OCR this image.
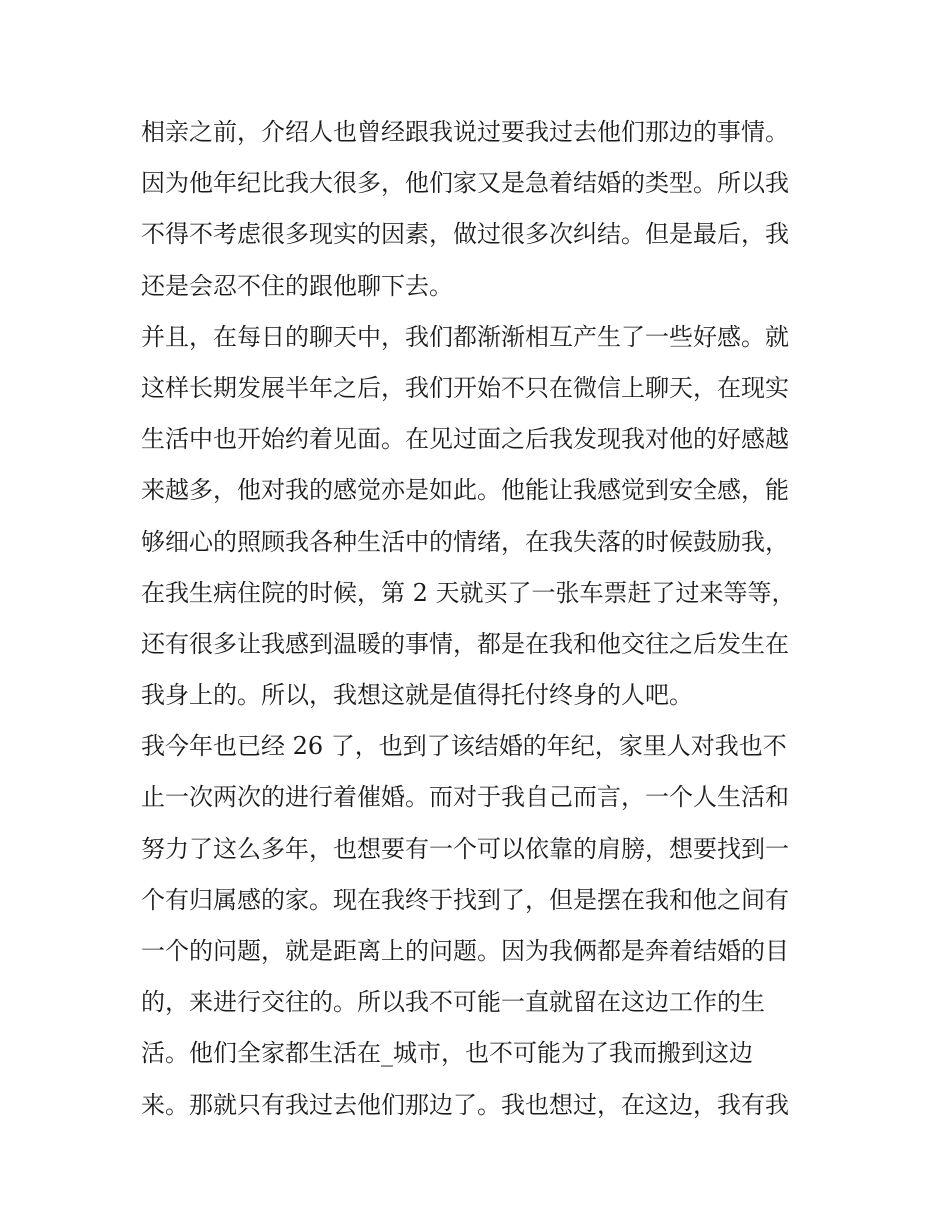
相亲之前，介绍人也曾经跟我说过要我过去他们那边的事情。
因为他年纪比我大很多，他们家又是急着结婚的类型。所以我
不得不考虑很多现实的因素，做过很多次纠结。但是最后，我
还是会忍不住的跟他聊下去。
并且，在每日的聊天中，我们都渐渐相互产生了一些好感。就
这样长期发展半年之后，我们开始不只在微信上聊天，在现实
生活中也开始约着见面。在见过面之后我发现我对他的好感越
来越多，他对我的感觉亦是如此。他能让我感觉到安全感，能
够细心的照顾我各种生活中的情绪，在我失落的时候鼓励我，
在我生病住院的时候，第 2 天就买了一张车票赶了过来等等，
还有很多让我感到温暖的事情，都是在我和他交往之后发生在
我身上的。所以，我想这就是值得托付终身的人吧。
我今年也已经 26 了，也到了该结婚的年纪，家里人对我也不
止一次两次的进行着催婚。而对于我自己而言，一个人生活和
努力了这么多年，也想要有一个可以依靠的肩膀，想要找到一
个有归属感的家。现在我终于找到了，但是摆在我和他之间有
一个的问题，就是距离上的问题。因为我俩都是奔着结婚的目
的，来进行交往的。所以我不可能一直就留在这边工作的生
活。他们全家都生活在_城市，也不可能为了我而搬到这边
来。那就只有我过去他们那边了。我也想过，在这边，我有我
